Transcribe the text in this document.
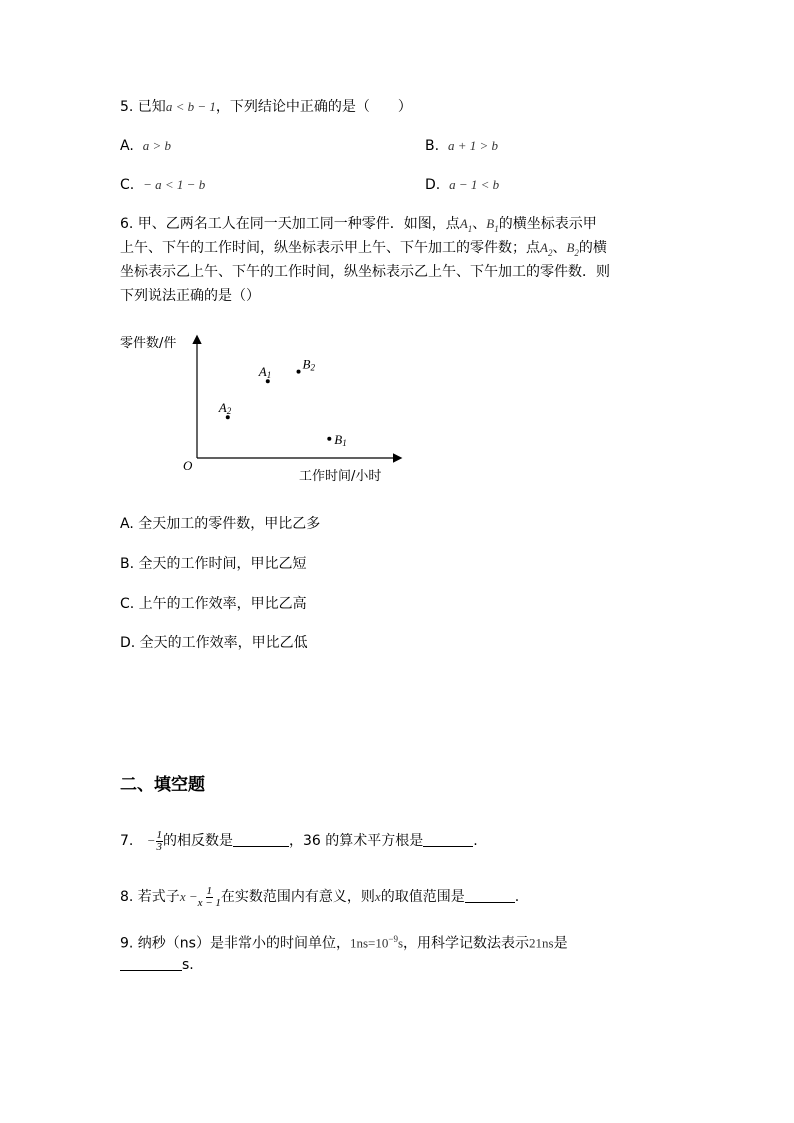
5. 已知a < b − 1，下列结论中正确的是（　　）
A. a > b	B. a + 1 > b
C. − a < 1 − b	D. a − 1 < b
6. 甲、乙两名工人在同一天加工同一种零件．如图，点$A_1$、$B_1$的横坐标表示甲
上午、下午的工作时间，纵坐标表示甲上午、下午加工的零件数；点$A_2$、$B_2$的横
坐标表示乙上午、下午的工作时间，纵坐标表示乙上午、下午加工的零件数．则
下列说法正确的是（）
零件数/件
工作时间/小时
O
A1
B2
A2
B1
A. 全天加工的零件数，甲比乙多
B. 全天的工作时间，甲比乙短
C. 上午的工作效率，甲比乙高
D. 全天的工作效率，甲比乙低
二、填空题
7. − $\frac{1}{3}$ 的相反数是	，36 的算术平方根是	.
8. 若式子$x - \frac{1}{x - 1}$ 在实数范围内有意义，则x的取值范围是	.
9. 纳秒（ns）是非常小的时间单位，$1ns=10^{-9}s$，用科学记数法表示21ns是
s.
